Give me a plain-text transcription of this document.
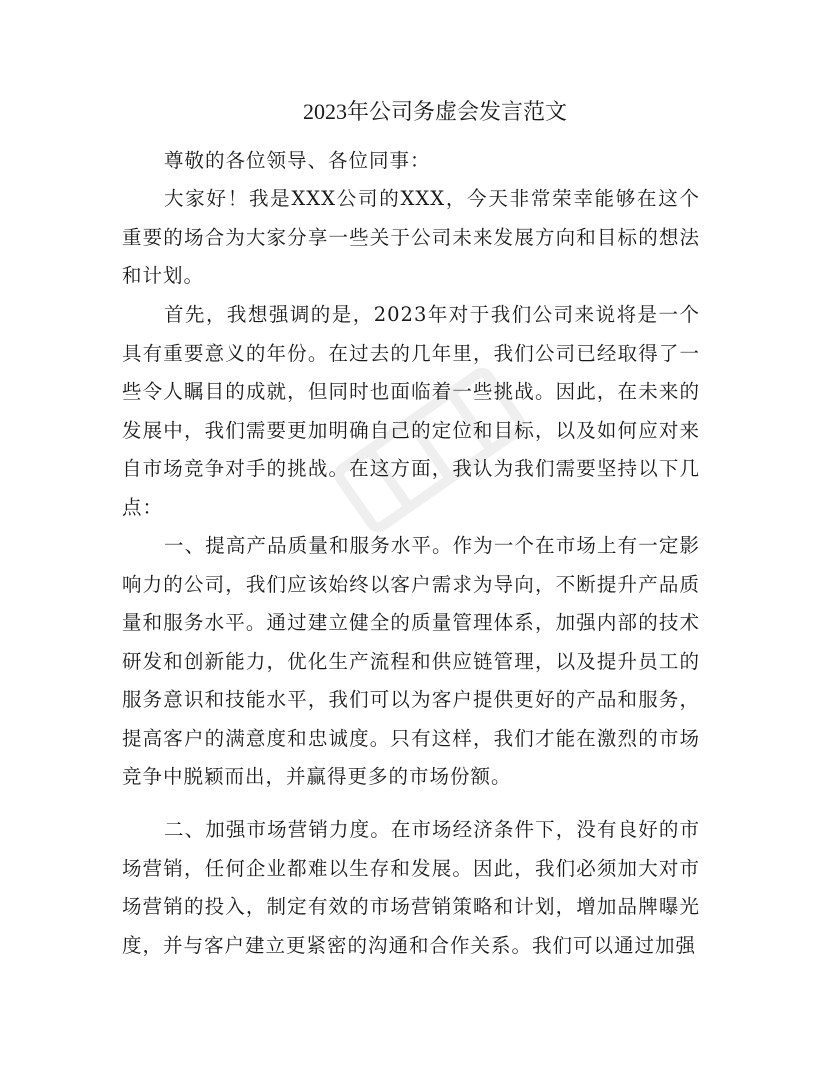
2023年公司务虚会发言范文

尊敬的各位领导、各位同事：

大家好！我是XXX公司的XXX，今天非常荣幸能够在这个重要的场合为大家分享一些关于公司未来发展方向和目标的想法和计划。

首先，我想强调的是，2023年对于我们公司来说将是一个具有重要意义的年份。在过去的几年里，我们公司已经取得了一些令人瞩目的成就，但同时也面临着一些挑战。因此，在未来的发展中，我们需要更加明确自己的定位和目标，以及如何应对来自市场竞争对手的挑战。在这方面，我认为我们需要坚持以下几点：

一、提高产品质量和服务水平。作为一个在市场上有一定影响力的公司，我们应该始终以客户需求为导向，不断提升产品质量和服务水平。通过建立健全的质量管理体系，加强内部的技术研发和创新能力，优化生产流程和供应链管理，以及提升员工的服务意识和技能水平，我们可以为客户提供更好的产品和服务，提高客户的满意度和忠诚度。只有这样，我们才能在激烈的市场竞争中脱颖而出，并赢得更多的市场份额。

二、加强市场营销力度。在市场经济条件下，没有良好的市场营销，任何企业都难以生存和发展。因此，我们必须加大对市场营销的投入，制定有效的市场营销策略和计划，增加品牌曝光度，并与客户建立更紧密的沟通和合作关系。我们可以通过加强
